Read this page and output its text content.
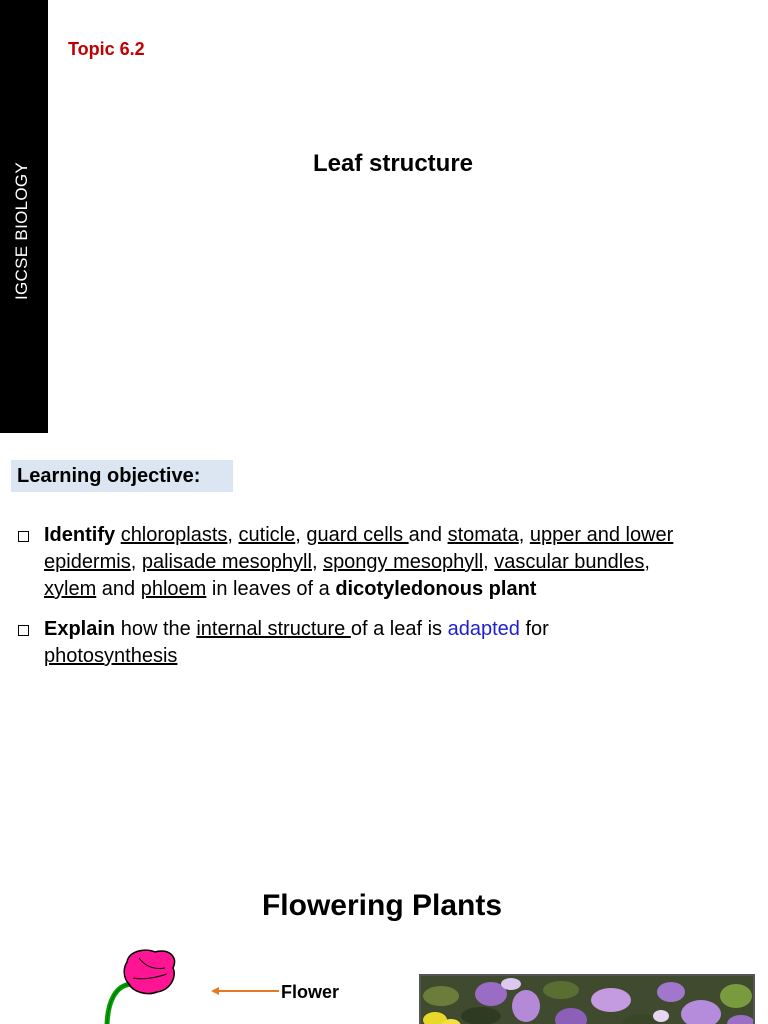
IGCSE BIOLOGY
Topic 6.2
Leaf structure
Learning objective:
Identify chloroplasts, cuticle, guard cells and stomata, upper and lower epidermis, palisade mesophyll, spongy mesophyll, vascular bundles, xylem and phloem in leaves of a dicotyledonous plant
Explain how the internal structure of a leaf is adapted for
photosynthesis
Flowering Plants
Flower
